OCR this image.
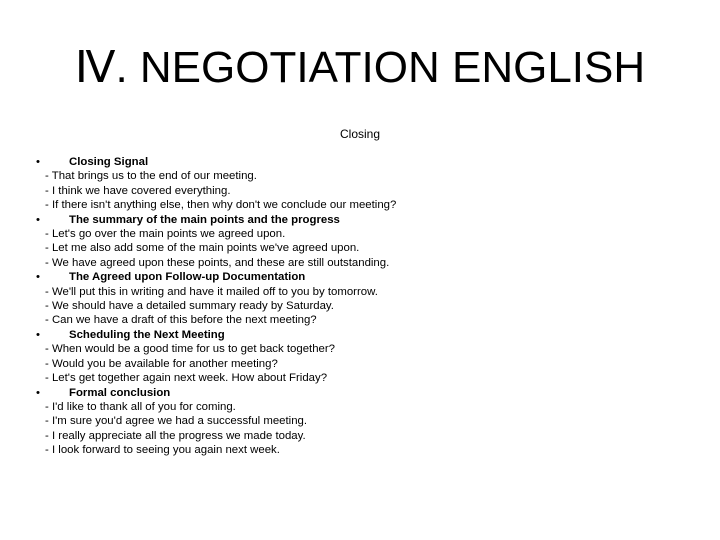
Ⅳ. NEGOTIATION ENGLISH
Closing
•	Closing Signal
- That brings us to the end of our meeting.
- I think we have covered everything.
- If there isn't anything else, then why don't we conclude our meeting?
•	The summary of the main points and the progress
- Let's go over the main points we agreed upon.
- Let me also add some of the main points we've agreed upon.
- We have agreed upon these points, and these are still outstanding.
•	The Agreed upon Follow-up Documentation
- We'll put this in writing and have it mailed off to you by tomorrow.
- We should have a detailed summary ready by Saturday.
- Can we have a draft of this before the next meeting?
•	Scheduling the Next Meeting
- When would be a good time for us to get back together?
- Would you be available for another meeting?
- Let's get together again next week. How about Friday?
•	Formal conclusion
- I'd like to thank all of you for coming.
- I'm sure you'd agree we had a successful meeting.
- I really appreciate all the progress we made today.
- I look forward to seeing you again next week.
